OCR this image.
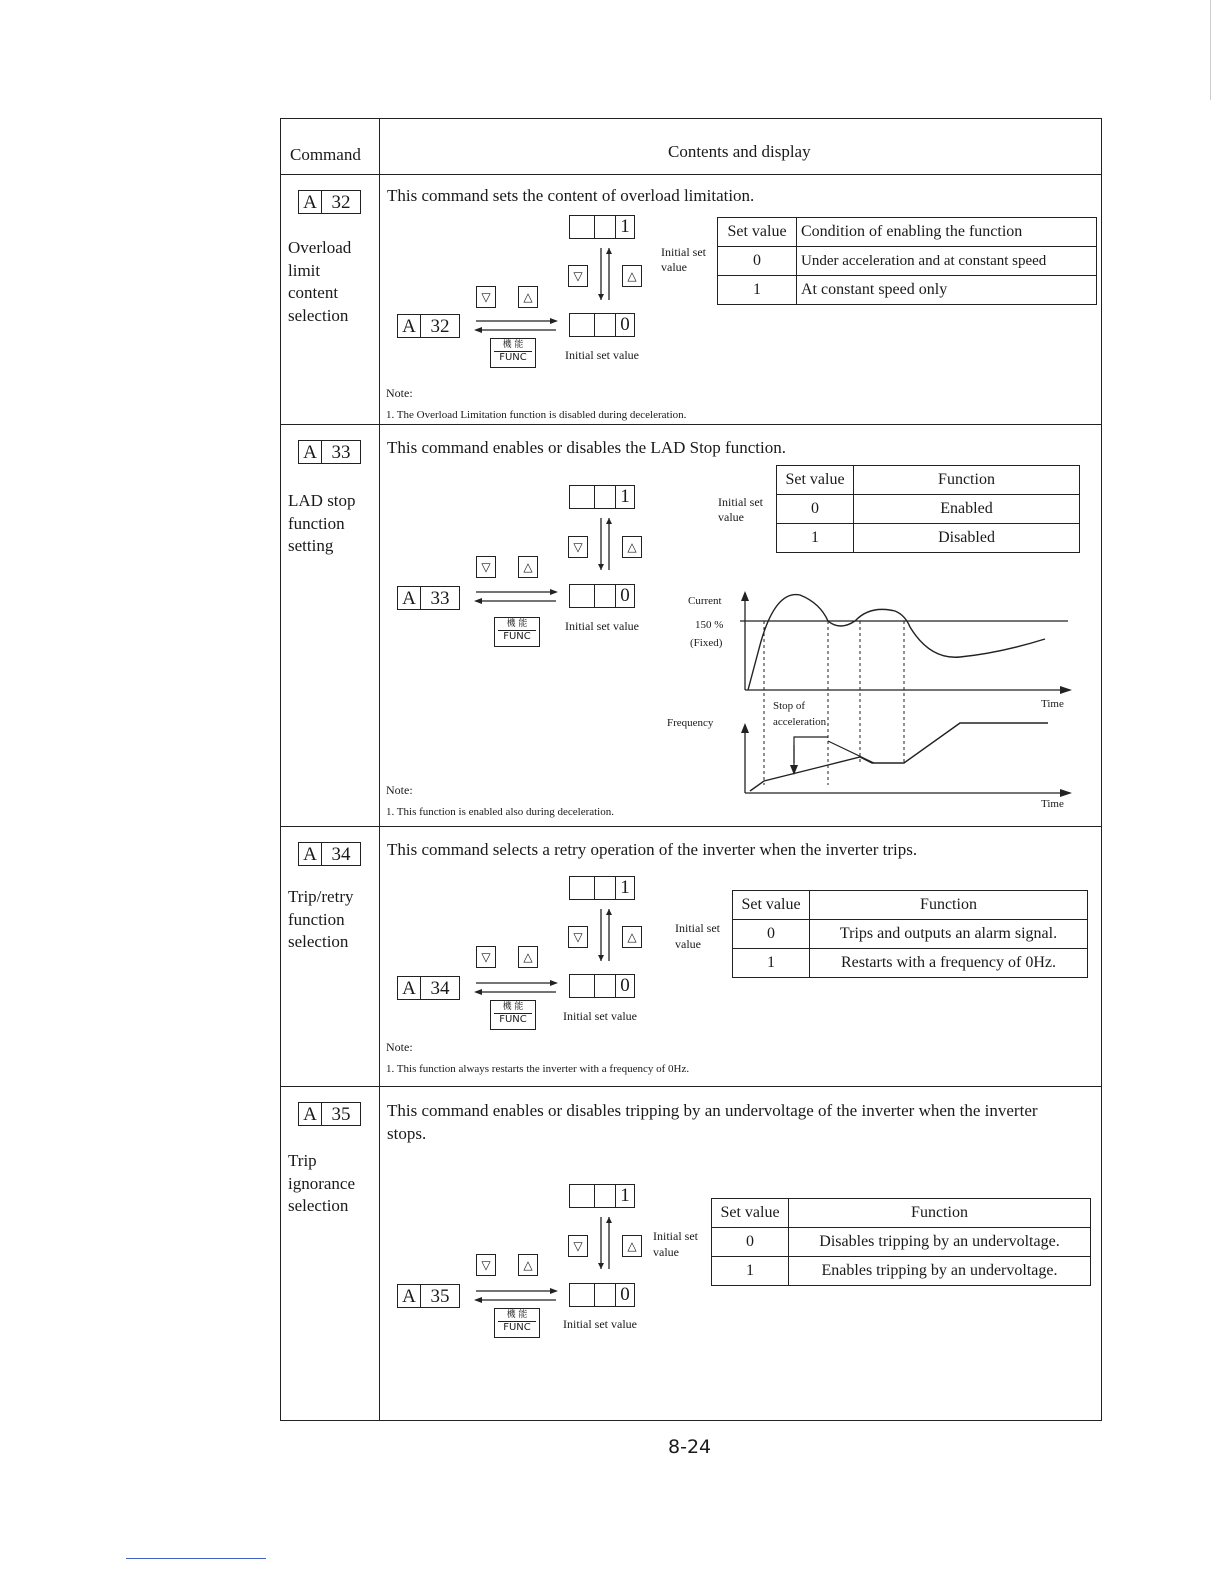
Command	Contents and display
A 32
Overload
limit
content
selection
This command sets the content of overload limitation.
1
▽	△
Initial set
value
▽	△
A 32	0
機 能
FUNC	Initial set value
Set value	Condition of enabling the function
0	Under acceleration and at constant speed
1	At constant speed only
Note:
1. The Overload Limitation function is disabled during deceleration.
A 33
LAD stop
function
setting
This command enables or disables the LAD Stop function.
1
▽	△
Initial set
value
▽	△
A 33	0
機 能
FUNC
Initial set value
Set value	Function
0	Enabled
1	Disabled
Current
150 %
(Fixed)
Time
Stop of
acceleration
Frequency
Time
Note:
1. This function is enabled also during deceleration.
A 34
Trip/retry
function
selection
This command selects a retry operation of the inverter when the inverter trips.
1
▽	△
Initial set
value
▽	△
A 34	0
機 能
FUNC	Initial set value
Set value	Function
0	Trips and outputs an alarm signal.
1	Restarts with a frequency of 0Hz.
Note:
1. This function always restarts the inverter with a frequency of 0Hz.
A 35
Trip
ignorance
selection
This command enables or disables tripping by an undervoltage of the inverter when the inverter
stops.
1
▽	△
Initial set
value
▽	△
A 35	0
機 能
FUNC	Initial set value
Set value	Function
0	Disables tripping by an undervoltage.
1	Enables tripping by an undervoltage.
8-24
